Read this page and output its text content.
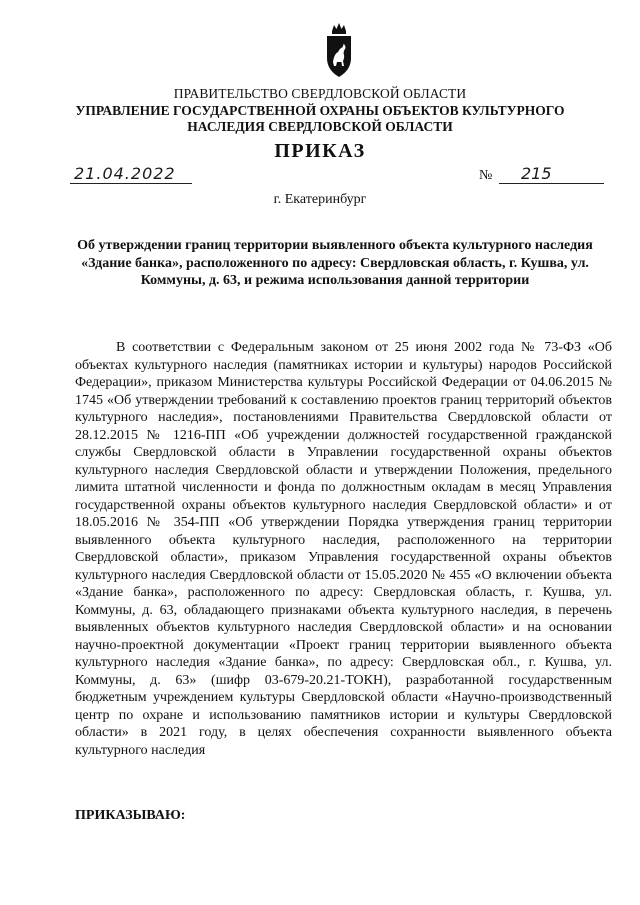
ПРАВИТЕЛЬСТВО СВЕРДЛОВСКОЙ ОБЛАСТИ
УПРАВЛЕНИЕ ГОСУДАРСТВЕННОЙ ОХРАНЫ ОБЪЕКТОВ КУЛЬТУРНОГО НАСЛЕДИЯ СВЕРДЛОВСКОЙ ОБЛАСТИ
ПРИКАЗ
21.04.2022	№ 215
г. Екатеринбург
Об утверждении границ территории выявленного объекта культурного наследия «Здание банка», расположенного по адресу: Свердловская область, г. Кушва, ул. Коммуны, д. 63, и режима использования данной территории

В соответствии с Федеральным законом от 25 июня 2002 года № 73-ФЗ «Об объектах культурного наследия (памятниках истории и культуры) народов Российской Федерации», приказом Министерства культуры Российской Федерации от 04.06.2015 № 1745 «Об утверждении требований к составлению проектов границ территорий объектов культурного наследия», постановлениями Правительства Свердловской области от 28.12.2015 № 1216-ПП «Об учреждении должностей государственной гражданской службы Свердловской области в Управлении государственной охраны объектов культурного наследия Свердловской области и утверждении Положения, предельного лимита штатной численности и фонда по должностным окладам в месяц Управления государственной охраны объектов культурного наследия Свердловской области» и от 18.05.2016 № 354-ПП «Об утверждении Порядка утверждения границ территории выявленного объекта культурного наследия, расположенного на территории Свердловской области», приказом Управления государственной охраны объектов культурного наследия Свердловской области от 15.05.2020 № 455 «О включении объекта «Здание банка», расположенного по адресу: Свердловская область, г. Кушва, ул. Коммуны, д. 63, обладающего признаками объекта культурного наследия, в перечень выявленных объектов культурного наследия Свердловской области» и на основании научно-проектной документации «Проект границ территории выявленного объекта культурного наследия «Здание банка», по адресу: Свердловская обл., г. Кушва, ул. Коммуны, д. 63» (шифр 03-679-20.21-ТОКН), разработанной государственным бюджетным учреждением культуры Свердловской области «Научно-производственный центр по охране и использованию памятников истории и культуры Свердловской области» в 2021 году, в целях обеспечения сохранности выявленного объекта культурного наследия

ПРИКАЗЫВАЮ:
